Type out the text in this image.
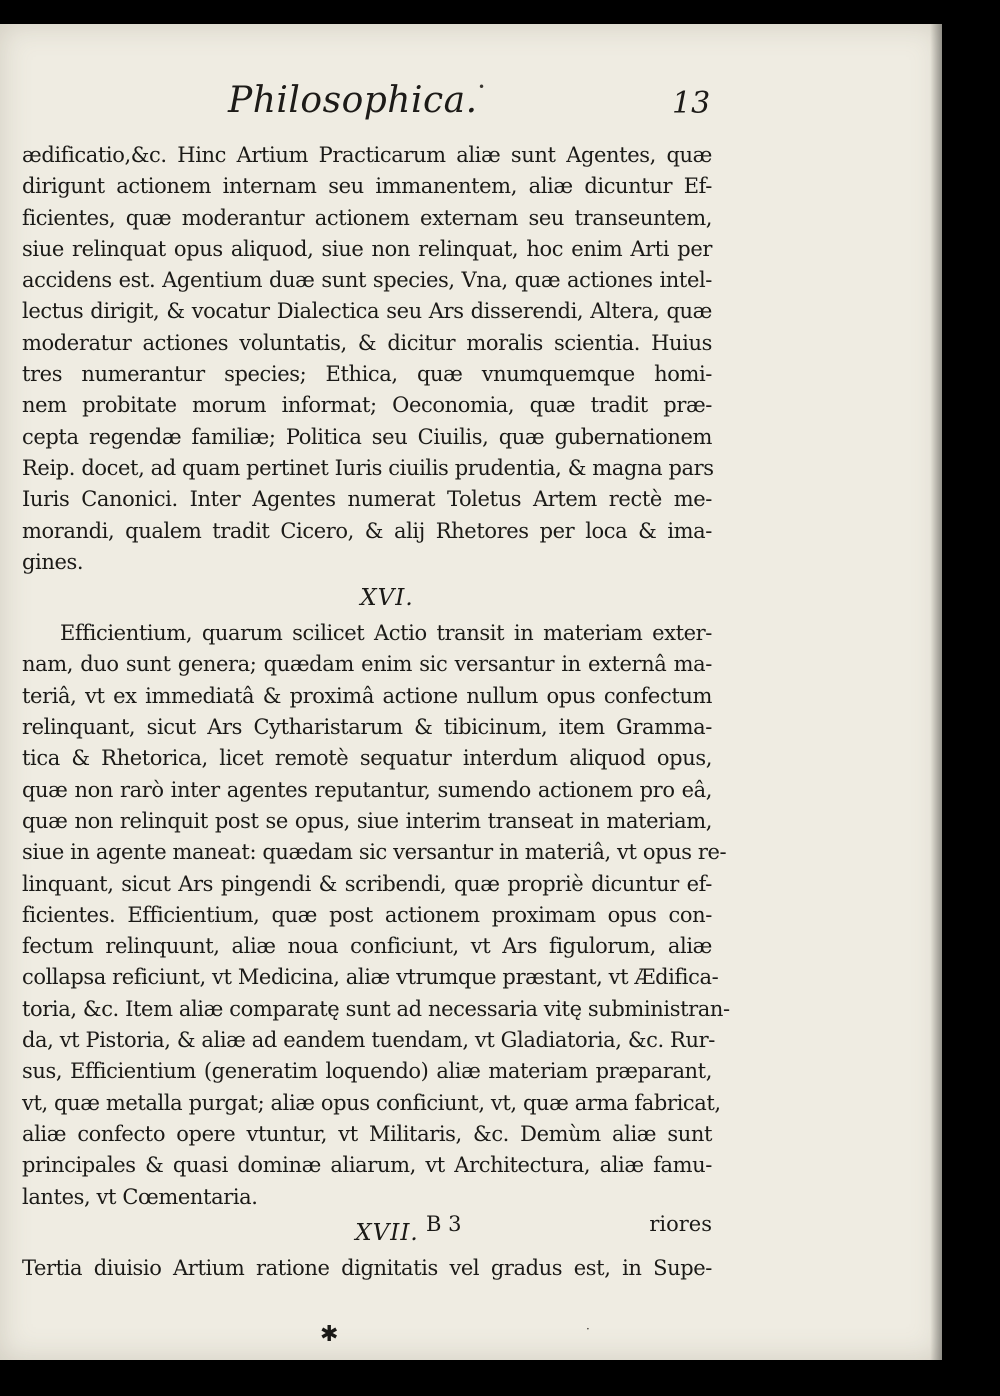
Philosophica.	13
ædificatio,&c. Hinc Artium Practicarum aliæ sunt Agentes, quæ
dirigunt actionem internam seu immanentem, aliæ dicuntur Ef-
ficientes, quæ moderantur actionem externam seu transeuntem,
siue relinquat opus aliquod, siue non relinquat, hoc enim Arti per
accidens est. Agentium duæ sunt species, Vna, quæ actiones intel-
lectus dirigit, & vocatur Dialectica seu Ars disserendi, Altera, quæ
moderatur actiones voluntatis, & dicitur moralis scientia. Huius
tres numerantur species; Ethica, quæ vnumquemque homi-
nem probitate morum informat; Oeconomia, quæ tradit præ-
cepta regendæ familiæ; Politica seu Ciuilis, quæ gubernationem
Reip. docet, ad quam pertinet Iuris ciuilis prudentia, & magna pars
Iuris Canonici. Inter Agentes numerat Toletus Artem rectè me-
morandi, qualem tradit Cicero, & alij Rhetores per loca & ima-
gines.
XVI.
Efficientium, quarum scilicet Actio transit in materiam exter-
nam, duo sunt genera; quædam enim sic versantur in externâ ma-
teriâ, vt ex immediatâ & proximâ actione nullum opus confectum
relinquant, sicut Ars Cytharistarum & tibicinum, item Gramma-
tica & Rhetorica, licet remotè sequatur interdum aliquod opus,
quæ non rarò inter agentes reputantur, sumendo actionem pro eâ,
quæ non relinquit post se opus, siue interim transeat in materiam,
siue in agente maneat: quædam sic versantur in materiâ, vt opus re-
linquant, sicut Ars pingendi & scribendi, quæ propriè dicuntur ef-
ficientes. Efficientium, quæ post actionem proximam opus con-
fectum relinquunt, aliæ noua conficiunt, vt Ars figulorum, aliæ
collapsa reficiunt, vt Medicina, aliæ vtrumque præstant, vt Ædifica-
toria, &c. Item aliæ comparatę sunt ad necessaria vitę subministran-
da, vt Pistoria, & aliæ ad eandem tuendam, vt Gladiatoria, &c. Rur-
sus, Efficientium (generatim loquendo) aliæ materiam præparant,
vt, quæ metalla purgat; aliæ opus conficiunt, vt, quæ arma fabricat,
aliæ confecto opere vtuntur, vt Militaris, &c. Demùm aliæ sunt
principales & quasi dominæ aliarum, vt Architectura, aliæ famu-
lantes, vt Cœmentaria.
XVII.
Tertia diuisio Artium ratione dignitatis vel gradus est, in Supe-
B 3	riores
✱
•
·
